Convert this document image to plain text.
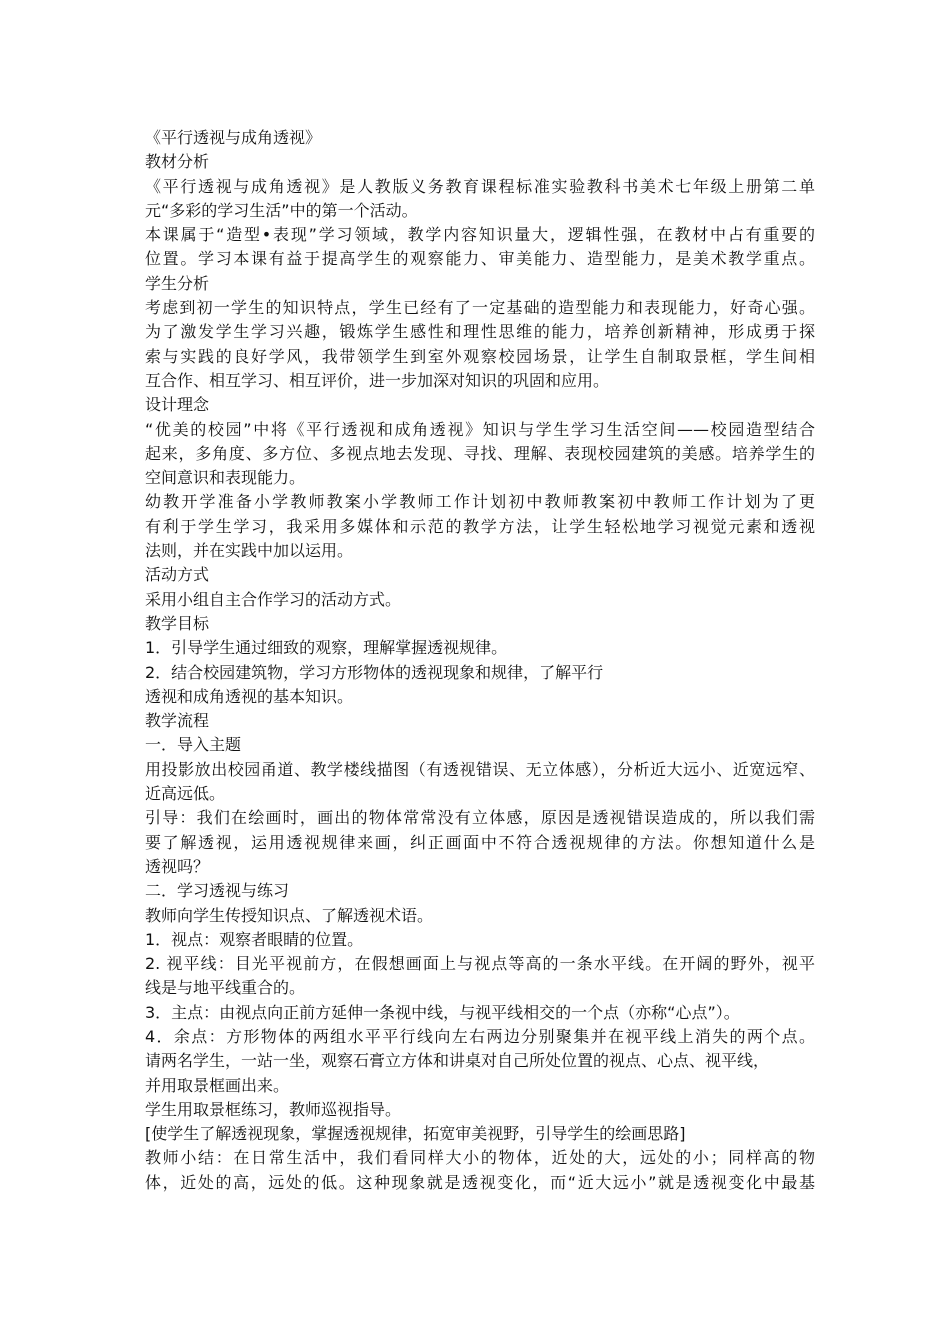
《平行透视与成角透视》
教材分析
《平行透视与成角透视》是人教版义务教育课程标准实验教科书美术七年级上册第二单
元“多彩的学习生活”中的第一个活动。
本课属于“造型•表现”学习领域，教学内容知识量大，逻辑性强，在教材中占有重要的
位置。学习本课有益于提高学生的观察能力、审美能力、造型能力，是美术教学重点。
学生分析
考虑到初一学生的知识特点，学生已经有了一定基础的造型能力和表现能力，好奇心强。
为了激发学生学习兴趣，锻炼学生感性和理性思维的能力，培养创新精神，形成勇于探
索与实践的良好学风，我带领学生到室外观察校园场景，让学生自制取景框，学生间相
互合作、相互学习、相互评价，进一步加深对知识的巩固和应用。
设计理念
“优美的校园”中将《平行透视和成角透视》知识与学生学习生活空间——校园造型结合
起来，多角度、多方位、多视点地去发现、寻找、理解、表现校园建筑的美感。培养学生的
空间意识和表现能力。
幼教开学准备小学教师教案小学教师工作计划初中教师教案初中教师工作计划为了更
有利于学生学习，我采用多媒体和示范的教学方法，让学生轻松地学习视觉元素和透视
法则，并在实践中加以运用。
活动方式
采用小组自主合作学习的活动方式。
教学目标
1．引导学生通过细致的观察，理解掌握透视规律。
2．结合校园建筑物，学习方形物体的透视现象和规律，了解平行
透视和成角透视的基本知识。
教学流程
一．导入主题
用投影放出校园甬道、教学楼线描图（有透视错误、无立体感），分析近大远小、近宽远窄、
近高远低。
引导：我们在绘画时，画出的物体常常没有立体感，原因是透视错误造成的，所以我们需
要了解透视，运用透视规律来画，纠正画面中不符合透视规律的方法。你想知道什么是
透视吗？
二．学习透视与练习
教师向学生传授知识点、了解透视术语。
1．视点：观察者眼睛的位置。
2. 视平线：目光平视前方，在假想画面上与视点等高的一条水平线。在开阔的野外，视平
线是与地平线重合的。
3．主点：由视点向正前方延伸一条视中线，与视平线相交的一个点（亦称“心点”）。
4．余点：方形物体的两组水平平行线向左右两边分别聚集并在视平线上消失的两个点。
请两名学生，一站一坐，观察石膏立方体和讲桌对自己所处位置的视点、心点、视平线，
并用取景框画出来。
学生用取景框练习，教师巡视指导。
[使学生了解透视现象，掌握透视规律，拓宽审美视野，引导学生的绘画思路]
教师小结：在日常生活中，我们看同样大小的物体，近处的大，远处的小；同样高的物
体，近处的高，远处的低。这种现象就是透视变化，而“近大远小”就是透视变化中最基
